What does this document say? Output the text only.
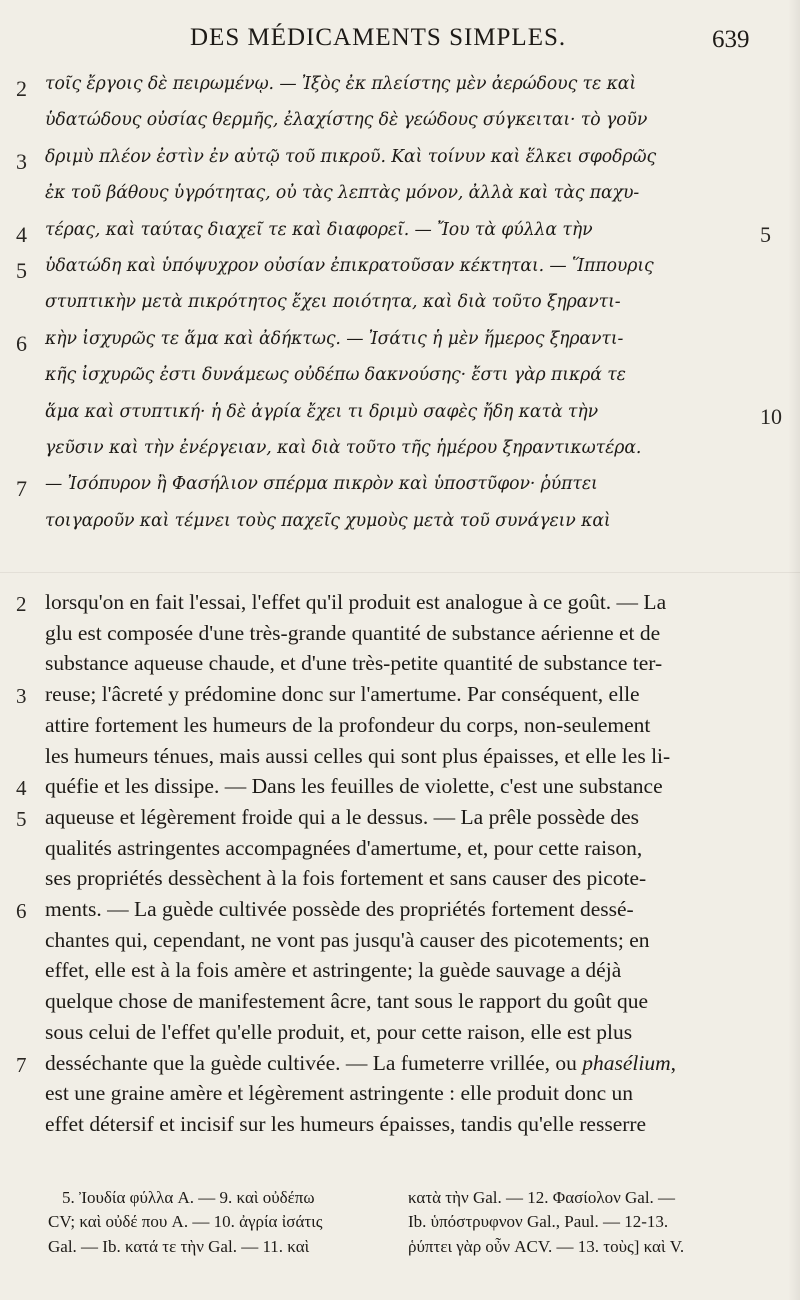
DES MÉDICAMENTS SIMPLES.	639
2 τοῖς ἔργοις δὲ πειρωμένῳ. — Ἰξὸς ἐκ πλείστης μὲν ἀερώδους τε καὶ
ὑδατώδους οὐσίας θερμῆς, ἐλαχίστης δὲ γεώδους σύγκειται· τὸ γοῦν
3 δριμὺ πλέον ἐστὶν ἐν αὐτῷ τοῦ πικροῦ. Καὶ τοίνυν καὶ ἕλκει σφοδρῶς
ἐκ τοῦ βάθους ὑγρότητας, οὐ τὰς λεπτὰς μόνον, ἀλλὰ καὶ τὰς παχυ-
4 τέρας, καὶ ταύτας διαχεῖ τε καὶ διαφορεῖ. — Ἴου τὰ φύλλα τὴν	5
5 ὑδατώδη καὶ ὑπόψυχρον οὐσίαν ἐπικρατοῦσαν κέκτηται. — Ἵππουρις
στυπτικὴν μετὰ πικρότητος ἔχει ποιότητα, καὶ διὰ τοῦτο ξηραντι-
6 κὴν ἰσχυρῶς τε ἅμα καὶ ἀδήκτως. — Ἰσάτις ἡ μὲν ἥμερος ξηραντι-
κῆς ἰσχυρῶς ἐστι δυνάμεως οὐδέπω δακνούσης· ἔστι γὰρ πικρά τε
ἅμα καὶ στυπτική· ἡ δὲ ἀγρία ἔχει τι δριμὺ σαφὲς ἤδη κατὰ τὴν	10
γεῦσιν καὶ τὴν ἐνέργειαν, καὶ διὰ τοῦτο τῆς ἡμέρου ξηραντικωτέρα.
7 — Ἰσόπυρον ἢ Φασήλιον σπέρμα πικρὸν καὶ ὑποστῦφον· ῥύπτει
τοιγαροῦν καὶ τέμνει τοὺς παχεῖς χυμοὺς μετὰ τοῦ συνάγειν καὶ
2 lorsqu'on en fait l'essai, l'effet qu'il produit est analogue à ce goût. — La
glu est composée d'une très-grande quantité de substance aérienne et de
substance aqueuse chaude, et d'une très-petite quantité de substance ter-
3 reuse; l'âcreté y prédomine donc sur l'amertume. Par conséquent, elle
attire fortement les humeurs de la profondeur du corps, non-seulement
les humeurs ténues, mais aussi celles qui sont plus épaisses, et elle les li-
4 quéfie et les dissipe. — Dans les feuilles de violette, c'est une substance
5 aqueuse et légèrement froide qui a le dessus. — La prêle possède des
qualités astringentes accompagnées d'amertume, et, pour cette raison,
ses propriétés dessèchent à la fois fortement et sans causer des picote-
6 ments. — La guède cultivée possède des propriétés fortement dessé-
chantes qui, cependant, ne vont pas jusqu'à causer des picotements; en
effet, elle est à la fois amère et astringente; la guède sauvage a déjà
quelque chose de manifestement âcre, tant sous le rapport du goût que
sous celui de l'effet qu'elle produit, et, pour cette raison, elle est plus
7 desséchante que la guède cultivée. — La fumeterre vrillée, ou phasélium,
est une graine amère et légèrement astringente : elle produit donc un
effet détersif et incisif sur les humeurs épaisses, tandis qu'elle resserre
5. Ἰουδία φύλλα A. — 9. καὶ οὐδέπω
CV; καὶ οὐδέ που A. — 10. ἀγρία ἰσάτις
Gal. — Ib. κατά τε τὴν Gal. — 11. καὶ
κατὰ τὴν Gal. — 12. Φασίολον Gal. —
Ib. ὑπόστρυφνον Gal., Paul. — 12-13.
ῥύπτει γὰρ οὖν ACV. — 13. τοὺς] καὶ V.
